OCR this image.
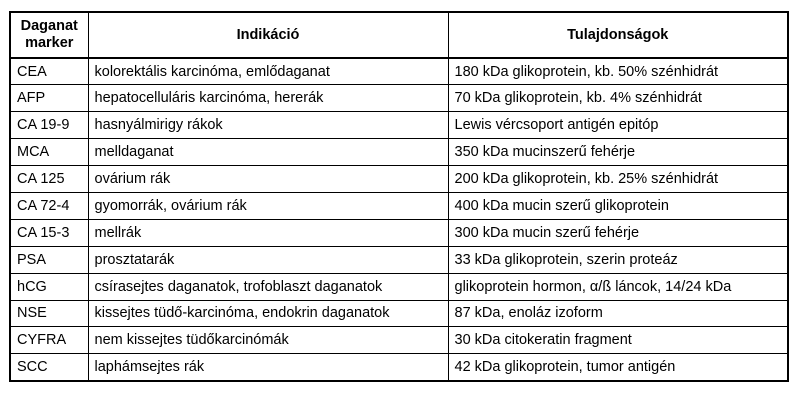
Daganat marker	Indikáció	Tulajdonságok
CEA	kolorektális karcinóma, emlődaganat	180 kDa glikoprotein, kb. 50% szénhidrát
AFP	hepatocelluláris karcinóma, hererák	70 kDa glikoprotein, kb. 4% szénhidrát
CA 19-9	hasnyálmirigy rákok	Lewis vércsoport antigén epitóp
MCA	melldaganat	350 kDa mucinszerű fehérje
CA 125	ovárium rák	200 kDa glikoprotein, kb. 25% szénhidrát
CA 72-4	gyomorrák, ovárium rák	400 kDa mucin szerű glikoprotein
CA 15-3	mellrák	300 kDa mucin szerű fehérje
PSA	prosztatarák	33 kDa glikoprotein, szerin proteáz
hCG	csírasejtes daganatok, trofoblaszt daganatok	glikoprotein hormon, α/ß láncok, 14/24 kDa
NSE	kissejtes tüdő-karcinóma, endokrin daganatok	87 kDa, enoláz izoform
CYFRA	nem kissejtes tüdőkarcinómák	30 kDa citokeratin fragment
SCC	laphámsejtes rák	42 kDa glikoprotein, tumor antigén
